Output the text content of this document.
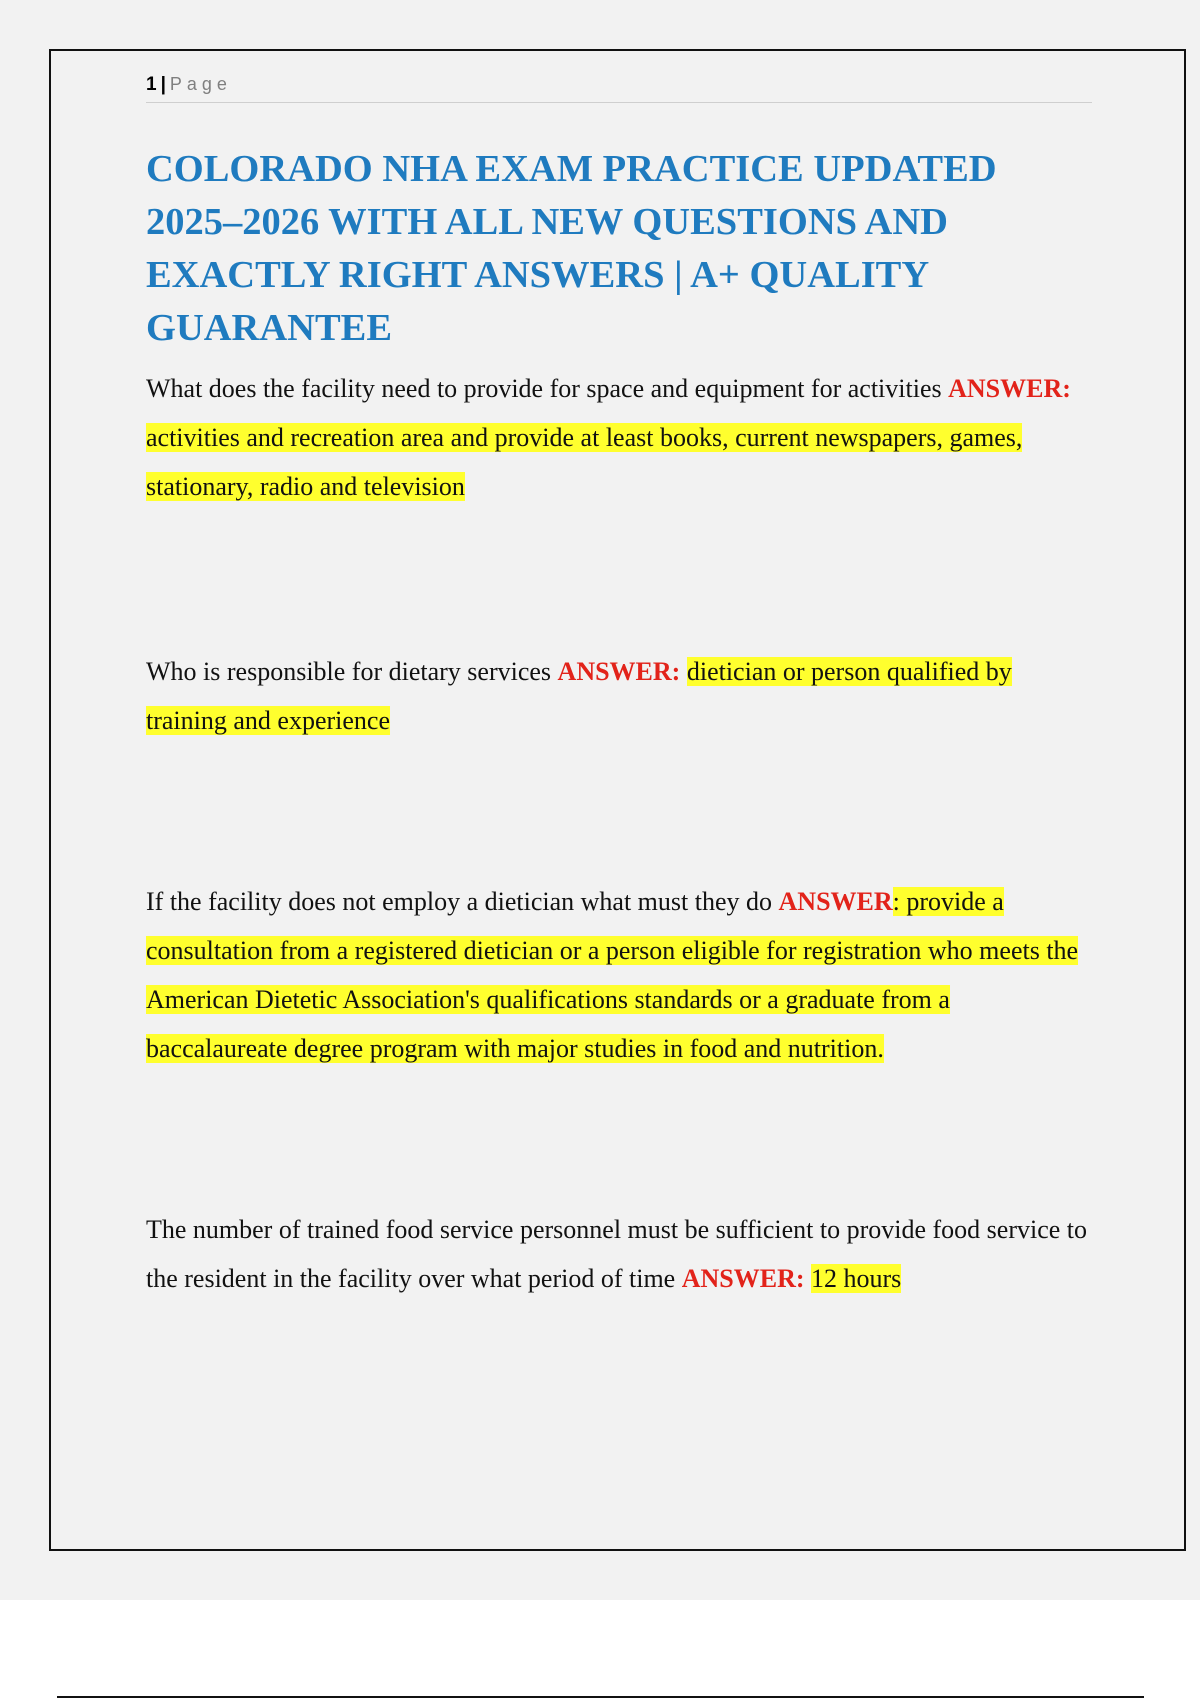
1 | Page
COLORADO NHA EXAM PRACTICE UPDATED 2025–2026 WITH ALL NEW QUESTIONS AND EXACTLY RIGHT ANSWERS | A+ QUALITY GUARANTEE

What does the facility need to provide for space and equipment for activities ANSWER: activities and recreation area and provide at least books, current newspapers, games, stationary, radio and television

Who is responsible for dietary services ANSWER: dietician or person qualified by training and experience

If the facility does not employ a dietician what must they do ANSWER: provide a consultation from a registered dietician or a person eligible for registration who meets the American Dietetic Association's qualifications standards or a graduate from a baccalaureate degree program with major studies in food and nutrition.

The number of trained food service personnel must be sufficient to provide food service to the resident in the facility over what period of time ANSWER: 12 hours
